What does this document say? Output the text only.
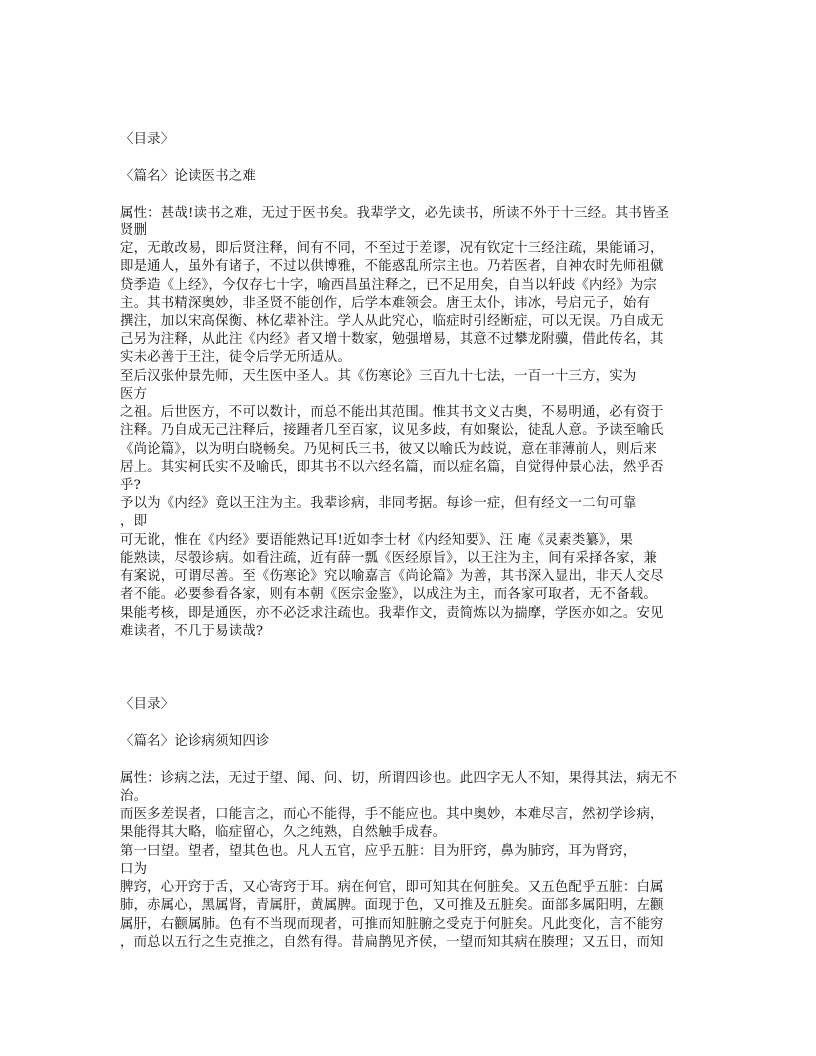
〈目录〉
〈篇名〉论读医书之难
属性：甚哉!读书之难，无过于医书矣。我辈学文，必先读书，所读不外于十三经。其书皆圣
贤删
定，无敢改易，即后贤注释，间有不同，不至过于差谬，况有钦定十三经注疏，果能诵习，
即是通人，虽外有诸子，不过以供博雅，不能惑乱所宗主也。乃若医者，自神农时先师祖僦
贷季造《上经》，今仅存七十字，喻西昌虽注释之，已不足用矣，自当以轩歧《内经》为宗
主。其书精深奥妙，非圣贤不能创作，后学本难领会。唐王太仆，讳冰，号启元子，始有
撰注，加以宋高保衡、林亿辈补注。学人从此究心，临症时引经断症，可以无误。乃自成无
己另为注释，从此注《内经》者又增十数家，勉强增易，其意不过攀龙附骥，借此传名，其
实未必善于王注，徒令后学无所适从。
至后汉张仲景先师，天生医中圣人。其《伤寒论》三百九十七法，一百一十三方，实为
医方
之祖。后世医方，不可以数计，而总不能出其范围。惟其书文义古奥，不易明通，必有资于
注释。乃自成无己注释后，接踵者几至百家，议见多歧，有如聚讼，徒乱人意。予读至喻氏
《尚论篇》，以为明白晓畅矣。乃见柯氏三书，彼又以喻氏为歧说，意在菲薄前人，则后来
居上。其实柯氏实不及喻氏，即其书不以六经名篇，而以症名篇，自觉得仲景心法，然乎否
乎?
予以为《内经》竟以王注为主。我辈诊病，非同考据。每诊一症，但有经文一二句可靠
，即
可无讹，惟在《内经》要语能熟记耳!近如李士材《内经知要》、汪 庵《灵素类纂》，果
能熟读，尽彀诊病。如看注疏，近有薛一瓢《医经原旨》，以王注为主，间有采择各家，兼
有案说，可谓尽善。至《伤寒论》究以喻嘉言《尚论篇》为善，其书深入显出，非天人交尽
者不能。必要参看各家，则有本朝《医宗金鉴》，以成注为主，而各家可取者，无不备载。
果能考核，即是通医，亦不必泛求注疏也。我辈作文，责简炼以为揣摩，学医亦如之。安见
难读者，不几于易读哉?
〈目录〉
〈篇名〉论诊病须知四诊
属性：诊病之法，无过于望、闻、问、切，所谓四诊也。此四字无人不知，果得其法，病无不
治。
而医多差误者，口能言之，而心不能得，手不能应也。其中奥妙，本难尽言，然初学诊病，
果能得其大略，临症留心，久之纯熟，自然触手成春。
第一曰望。望者，望其色也。凡人五官，应乎五脏：目为肝窍，鼻为肺窍，耳为肾窍，
口为
脾窍，心开窍于舌，又心寄窍于耳。病在何官，即可知其在何脏矣。又五色配乎五脏：白属
肺，赤属心，黑属肾，青属肝，黄属脾。面现于色，又可推及五脏矣。面部多属阳明，左颧
属肝，右颧属肺。色有不当现而现者，可推而知脏腑之受克于何脏矣。凡此变化，言不能穷
，而总以五行之生克推之，自然有得。昔扁鹊见齐侯，一望而知其病在腠理；又五日，而知
